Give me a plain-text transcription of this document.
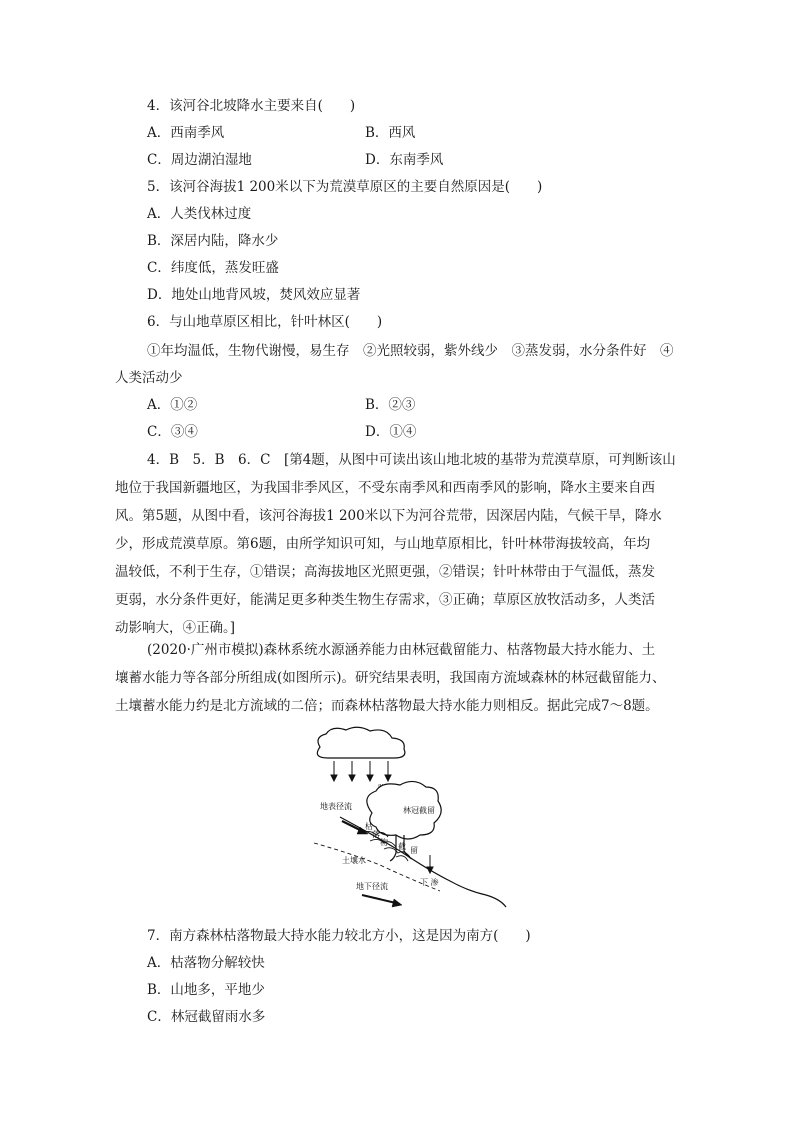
4．该河谷北坡降水主要来自(　　)
A．西南季风	B．西风
C．周边湖泊湿地	D．东南季风
5．该河谷海拔1 200米以下为荒漠草原区的主要自然原因是(　　)
A．人类伐林过度
B．深居内陆，降水少
C．纬度低，蒸发旺盛
D．地处山地背风坡，焚风效应显著
6．与山地草原区相比，针叶林区(　　)
①年均温低，生物代谢慢，易生存　②光照较弱，紫外线少　③蒸发弱，水分条件好　④
人类活动少
A．①②	B．②③
C．③④	D．①④
4．B　5．B　6．C　[第4题，从图中可读出该山地北坡的基带为荒漠草原，可判断该山
地位于我国新疆地区，为我国非季风区，不受东南季风和西南季风的影响，降水主要来自西
风。第5题，从图中看，该河谷海拔1 200米以下为河谷荒带，因深居内陆，气候干旱，降水
少，形成荒漠草原。第6题，由所学知识可知，与山地草原相比，针叶林带海拔较高，年均
温较低，不利于生存，①错误；高海拔地区光照更强，②错误；针叶林带由于气温低，蒸发
更弱，水分条件更好，能满足更多种类生物生存需求，③正确；草原区放牧活动多，人类活
动影响大，④正确。]
(2020·广州市模拟)森林系统水源涵养能力由林冠截留能力、枯落物最大持水能力、土
壤蓄水能力等各部分所组成(如图所示)。研究结果表明，我国南方流域森林的林冠截留能力、
土壤蓄水能力约是北方流域的二倍；而森林枯落物最大持水能力则相反。据此完成7～8题。
林冠截留
枯
落
物 截 留
地表径流
土壤水
下 渗
地下径流
7．南方森林枯落物最大持水能力较北方小，这是因为南方(　　)
A．枯落物分解较快
B．山地多，平地少
C．林冠截留雨水多
